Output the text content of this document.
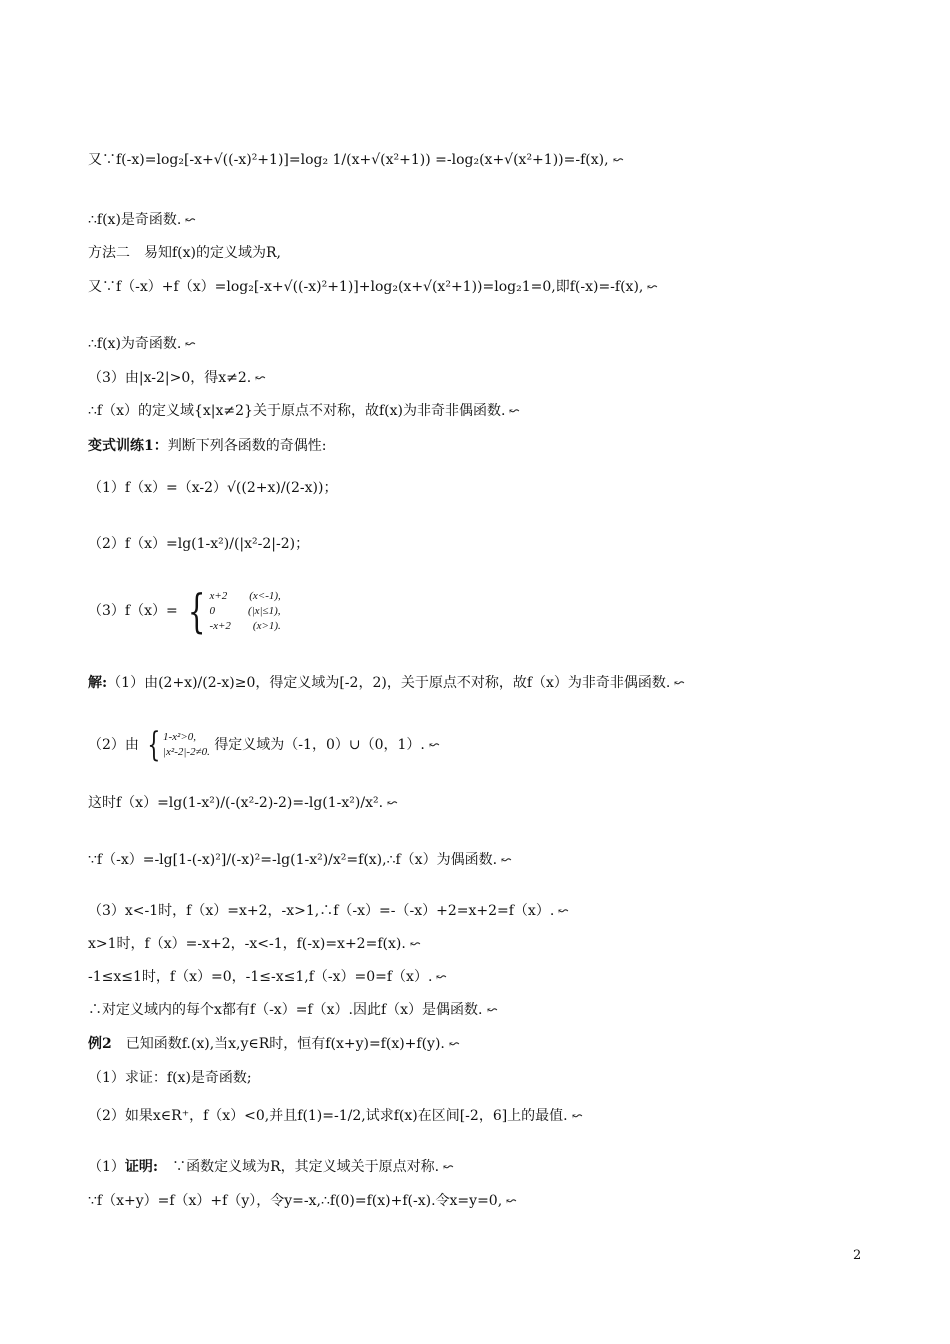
又∵f(-x)=log₂[-x+√((-x)²+1)]=log₂ 1/(x+√(x²+1)) =-log₂(x+√(x²+1))=-f(x), ↜
∴f(x)是奇函数. ↜
方法二　易知f(x)的定义域为R,
又∵f（-x）+f（x）=log₂[-x+√((-x)²+1)]+log₂(x+√(x²+1))=log₂1=0,即f(-x)=-f(x), ↜
∴f(x)为奇函数. ↜
（3）由|x-2|>0，得x≠2. ↜
∴f（x）的定义域{x|x≠2}关于原点不对称，故f(x)为非奇非偶函数. ↜
变式训练1：判断下列各函数的奇偶性:
（1）f（x）=（x-2）√((2+x)/(2-x))；
（2）f（x）=lg(1-x²)/(|x²-2|-2)；
（3）f（x）= { x+2　　(x<-1),
0　　　(|x|≤1),
-x+2　　(x>1).
解:（1）由(2+x)/(2-x)≥0，得定义域为[-2，2)，关于原点不对称，故f（x）为非奇非偶函数. ↜
（2）由 { 1-x²>0,
|x²-2|-2≠0. 得定义域为（-1，0）∪（0，1）. ↜
这时f（x）=lg(1-x²)/(-(x²-2)-2)=-lg(1-x²)/x². ↜
∵f（-x）=-lg[1-(-x)²]/(-x)²=-lg(1-x²)/x²=f(x),∴f（x）为偶函数. ↜
（3）x<-1时，f（x）=x+2，-x>1,∴f（-x）=-（-x）+2=x+2=f（x）. ↜
x>1时，f（x）=-x+2，-x<-1，f(-x)=x+2=f(x). ↜
-1≤x≤1时，f（x）=0，-1≤-x≤1,f（-x）=0=f（x）. ↜
∴对定义域内的每个x都有f（-x）=f（x）.因此f（x）是偶函数. ↜
例2　已知函数f.(x),当x,y∈R时，恒有f(x+y)=f(x)+f(y). ↜
（1）求证：f(x)是奇函数;
（2）如果x∈R⁺，f（x）<0,并且f(1)=-1/2,试求f(x)在区间[-2，6]上的最值. ↜
（1）证明:　∵函数定义域为R，其定义域关于原点对称. ↜
∵f（x+y）=f（x）+f（y），令y=-x,∴f(0)=f(x)+f(-x).令x=y=0, ↜
2
